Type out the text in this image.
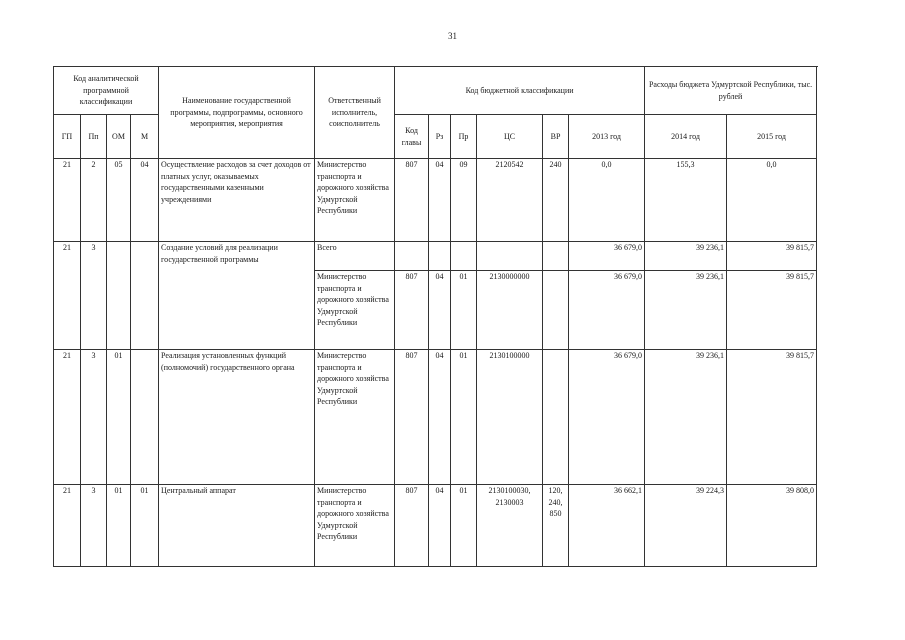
31
Код аналитической программной классификации				Наименование государственной программы, подпрограммы, основного мероприятия, мероприятия	Ответственный исполнитель, соисполнитель	Код бюджетной классификации						Расходы бюджета Удмуртской Республики, тыс. рублей	
ГП	Пп	ОМ	М			Код главы	Рз	Пр	ЦС	ВР	2013 год	2014 год	2015 год
21	2	05	04	Осуществление расходов за счет доходов от платных услуг, оказываемых государственными казенными учреждениями	Министерство транспорта и дорожного хозяйства Удмуртской Республики	807	04	09	2120542	240	0,0	155,3	0,0
21	3			Создание условий для реализации государственной программы	Всего						36 679,0	39 236,1	39 815,7
					Министерство транспорта и дорожного хозяйства Удмуртской Республики	807	04	01	2130000000		36 679,0	39 236,1	39 815,7
21	3	01		Реализация установленных функций (полномочий) государственного органа	Министерство транспорта и дорожного хозяйства Удмуртской Республики	807	04	01	2130100000		36 679,0	39 236,1	39 815,7
21	3	01	01	Центральный аппарат	Министерство транспорта и дорожного хозяйства Удмуртской Республики	807	04	01	2130100030, 2130003	120, 240, 850	36 662,1	39 224,3	39 808,0
